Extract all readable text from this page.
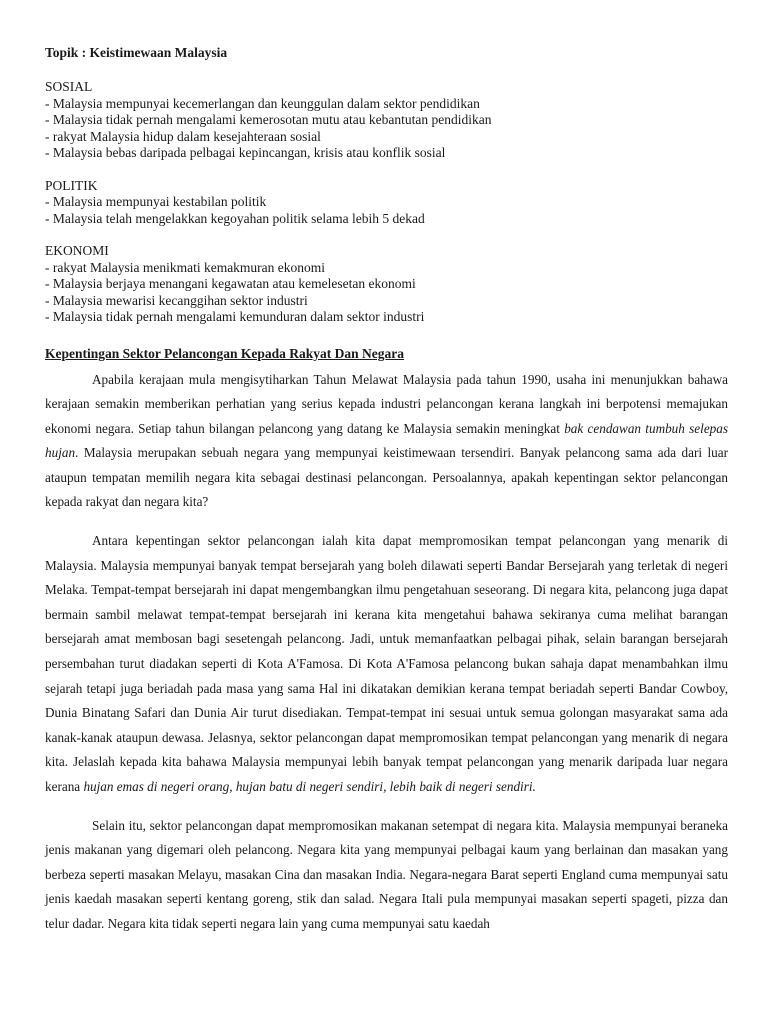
Topik : Keistimewaan Malaysia
SOSIAL
- Malaysia mempunyai kecemerlangan dan keunggulan dalam sektor pendidikan
- Malaysia tidak pernah mengalami kemerosotan mutu atau kebantutan pendidikan
- rakyat Malaysia hidup dalam kesejahteraan sosial
- Malaysia bebas daripada pelbagai kepincangan, krisis atau konflik sosial
POLITIK
- Malaysia mempunyai kestabilan politik
- Malaysia telah mengelakkan kegoyahan politik selama lebih 5 dekad
EKONOMI
- rakyat Malaysia menikmati kemakmuran ekonomi
- Malaysia berjaya menangani kegawatan atau kemelesetan ekonomi
- Malaysia mewarisi kecanggihan sektor industri
- Malaysia tidak pernah mengalami kemunduran dalam sektor industri
Kepentingan Sektor Pelancongan Kepada Rakyat Dan Negara

Apabila kerajaan mula mengisytiharkan Tahun Melawat Malaysia pada tahun 1990, usaha ini menunjukkan bahawa kerajaan semakin memberikan perhatian yang serius kepada industri pelancongan kerana langkah ini berpotensi memajukan ekonomi negara. Setiap tahun bilangan pelancong yang datang ke Malaysia semakin meningkat bak cendawan tumbuh selepas hujan. Malaysia merupakan sebuah negara yang mempunyai keistimewaan tersendiri. Banyak pelancong sama ada dari luar ataupun tempatan memilih negara kita sebagai destinasi pelancongan. Persoalannya, apakah kepentingan sektor pelancongan kepada rakyat dan negara kita?

Antara kepentingan sektor pelancongan ialah kita dapat mempromosikan tempat pelancongan yang menarik di Malaysia. Malaysia mempunyai banyak tempat bersejarah yang boleh dilawati seperti Bandar Bersejarah yang terletak di negeri Melaka. Tempat-tempat bersejarah ini dapat mengembangkan ilmu pengetahuan seseorang. Di negara kita, pelancong juga dapat bermain sambil melawat tempat-tempat bersejarah ini kerana kita mengetahui bahawa sekiranya cuma melihat barangan bersejarah amat membosan bagi sesetengah pelancong. Jadi, untuk memanfaatkan pelbagai pihak, selain barangan bersejarah persembahan turut diadakan seperti di Kota A'Famosa. Di Kota A'Famosa pelancong bukan sahaja dapat menambahkan ilmu sejarah tetapi juga beriadah pada masa yang sama Hal ini dikatakan demikian kerana tempat beriadah seperti Bandar Cowboy, Dunia Binatang Safari dan Dunia Air turut disediakan. Tempat-tempat ini sesuai untuk semua golongan masyarakat sama ada kanak-kanak ataupun dewasa. Jelasnya, sektor pelancongan dapat mempromosikan tempat pelancongan yang menarik di negara kita. Jelaslah kepada kita bahawa Malaysia mempunyai lebih banyak tempat pelancongan yang menarik daripada luar negara kerana hujan emas di negeri orang, hujan batu di negeri sendiri, lebih baik di negeri sendiri.

Selain itu, sektor pelancongan dapat mempromosikan makanan setempat di negara kita. Malaysia mempunyai beraneka jenis makanan yang digemari oleh pelancong. Negara kita yang mempunyai pelbagai kaum yang berlainan dan masakan yang berbeza seperti masakan Melayu, masakan Cina dan masakan India. Negara-negara Barat seperti England cuma mempunyai satu jenis kaedah masakan seperti kentang goreng, stik dan salad. Negara Itali pula mempunyai masakan seperti spageti, pizza dan telur dadar. Negara kita tidak seperti negara lain yang cuma mempunyai satu kaedah
